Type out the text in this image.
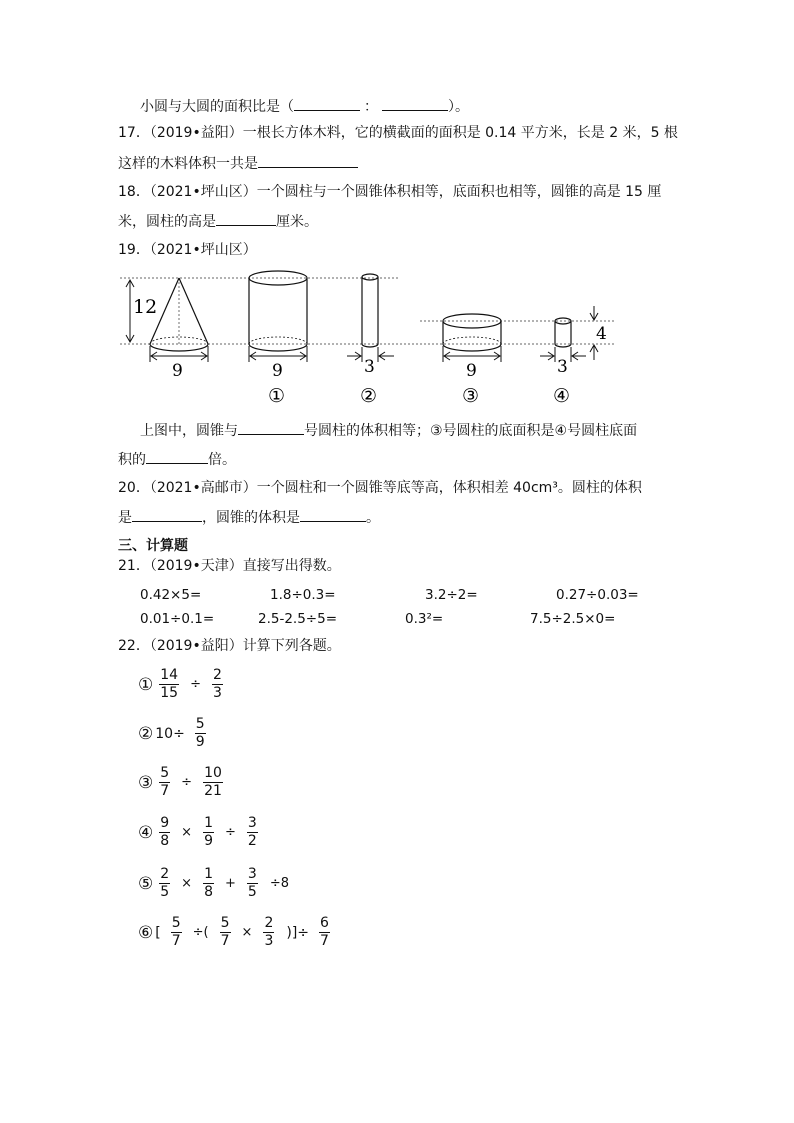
小圆与大圆的面积比是（	：	）。
17．（2019•益阳）一根长方体木料，它的横截面的面积是 0.14 平方米，长是 2 米，5 根
这样的木料体积一共是
18．（2021•坪山区）一个圆柱与一个圆锥体积相等，底面积也相等，圆锥的高是 15 厘
米，圆柱的高是	厘米。
19．（2021•坪山区）
12
9	9
①
3
②
9
③
4
3
④
上图中，圆锥与	号圆柱的体积相等；③号圆柱的底面积是④号圆柱底面
积的	倍。
20．（2021•高邮市）一个圆柱和一个圆锥等底等高，体积相差 40cm³。圆柱的体积
是	，圆锥的体积是	。
三、计算题
21．（2019•天津）直接写出得数。
0.42×5=	1.8÷0.3=	3.2÷2=	0.27÷0.03=
0.01÷0.1=	2.5-2.5÷5=	0.3²=	7.5÷2.5×0=
22．（2019•益阳）计算下列各题。
① $\frac{14}{15} \div \frac{2}{3}$
② $10\div \frac{5}{9}$
③ $\frac{5}{7} \div \frac{10}{21}$
④ $\frac{9}{8} \times \frac{1}{9} \div \frac{3}{2}$
⑤ $\frac{2}{5} \times \frac{1}{8} + \frac{3}{5} \div 8$
⑥ [ $\frac{5}{7}$ ÷( $\frac{5}{7} \times \frac{2}{3}$ )]÷ $\frac{6}{7}$
